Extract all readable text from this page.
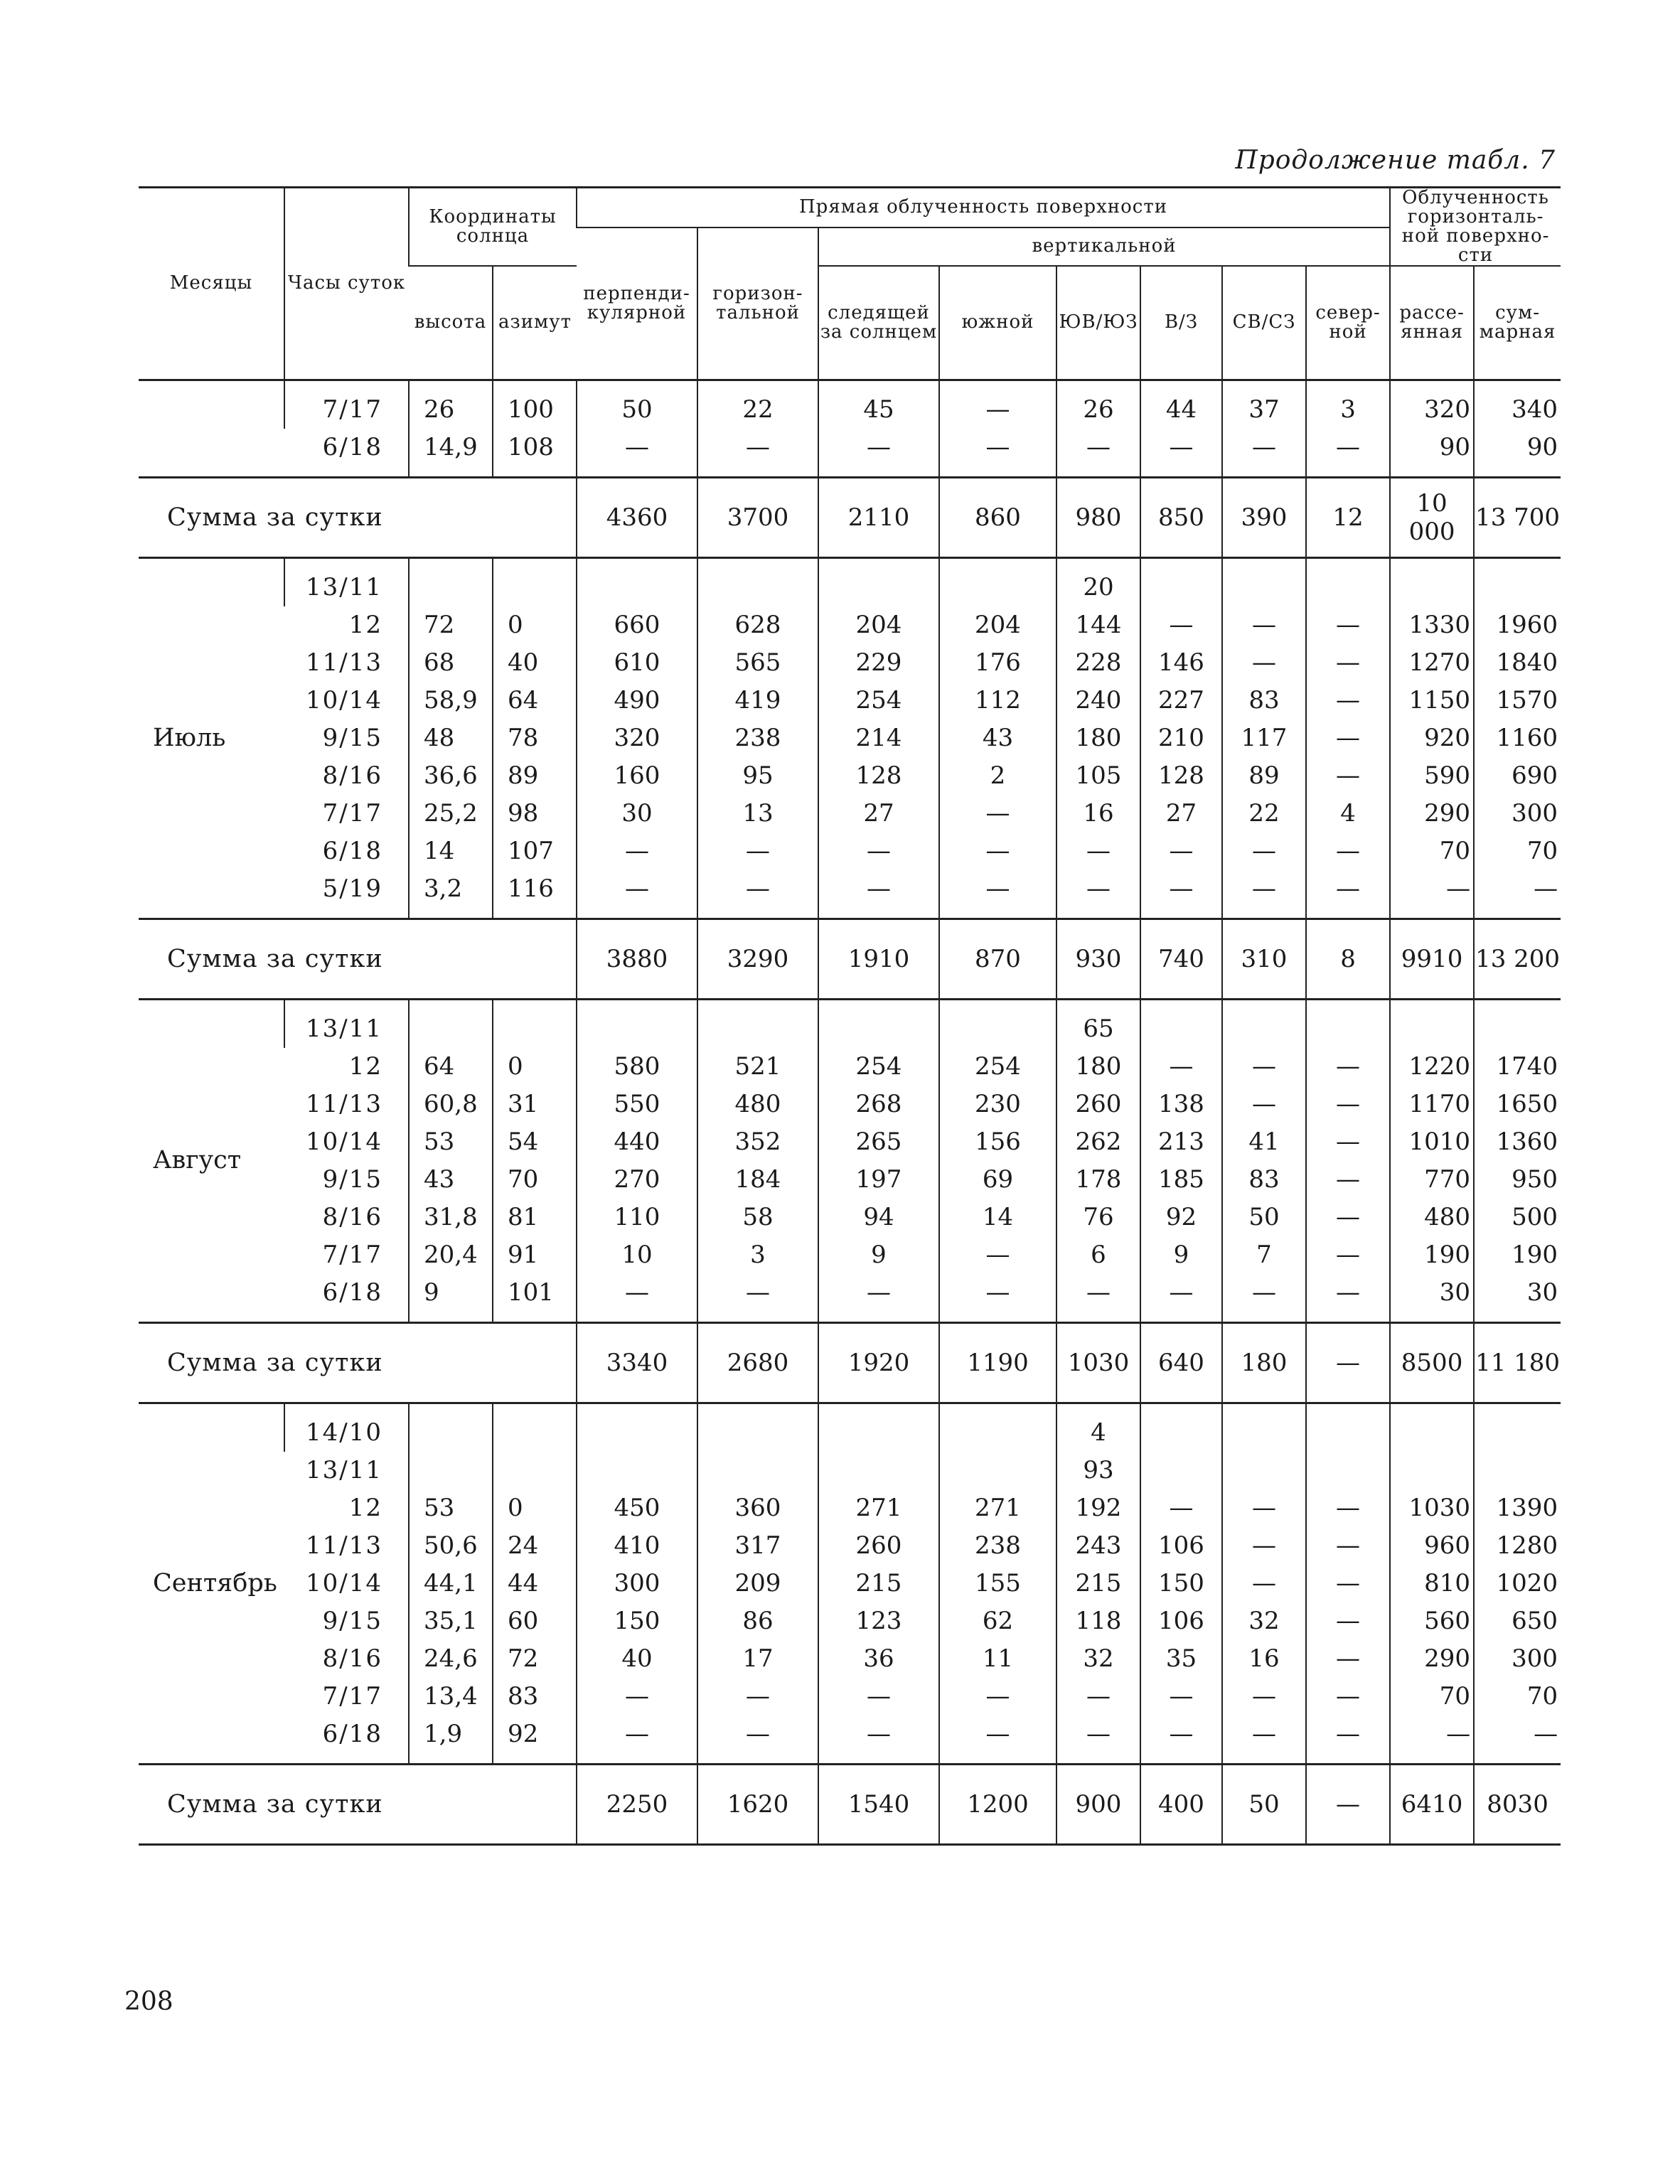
Продолжение табл. 7
Месяцы	Часы суток	Координаты солнца		Прямая облученность поверхности								Облученность горизонталь-ной поверхно-сти	
				перпенди-кулярной	горизон-тальной	вертикальной							
		высота	азимут			следящей за солнцем	южной	ЮВ/ЮЗ	В/З	СВ/СЗ	север-ной	рассе-янная	сум-марная
	7/17	26	100	50	22	45	—	26	44	37	3	320	340
	6/18	14,9	108	—	—	—	—	—	—	—	—	90	90
Сумма за сутки				4360	3700	2110	860	980	850	390	12	10 000	13 700
Июль	13/11							20					
	12	72	0	660	628	204	204	144	—	—	—	1330	1960
	11/13	68	40	610	565	229	176	228	146	—	—	1270	1840
	10/14	58,9	64	490	419	254	112	240	227	83	—	1150	1570
	9/15	48	78	320	238	214	43	180	210	117	—	920	1160
	8/16	36,6	89	160	95	128	2	105	128	89	—	590	690
	7/17	25,2	98	30	13	27	—	16	27	22	4	290	300
	6/18	14	107	—	—	—	—	—	—	—	—	70	70
	5/19	3,2	116	—	—	—	—	—	—	—	—	—	—
Сумма за сутки				3880	3290	1910	870	930	740	310	8	9910	13 200
Август	13/11							65					
	12	64	0	580	521	254	254	180	—	—	—	1220	1740
	11/13	60,8	31	550	480	268	230	260	138	—	—	1170	1650
	10/14	53	54	440	352	265	156	262	213	41	—	1010	1360
	9/15	43	70	270	184	197	69	178	185	83	—	770	950
	8/16	31,8	81	110	58	94	14	76	92	50	—	480	500
	7/17	20,4	91	10	3	9	—	6	9	7	—	190	190
	6/18	9	101	—	—	—	—	—	—	—	—	30	30
Сумма за сутки				3340	2680	1920	1190	1030	640	180	—	8500	11 180
Сентябрь	14/10							4					
	13/11							93					
	12	53	0	450	360	271	271	192	—	—	—	1030	1390
	11/13	50,6	24	410	317	260	238	243	106	—	—	960	1280
	10/14	44,1	44	300	209	215	155	215	150	—	—	810	1020
	9/15	35,1	60	150	86	123	62	118	106	32	—	560	650
	8/16	24,6	72	40	17	36	11	32	35	16	—	290	300
	7/17	13,4	83	—	—	—	—	—	—	—	—	70	70
	6/18	1,9	92	—	—	—	—	—	—	—	—	—	—
Сумма за сутки				2250	1620	1540	1200	900	400	50	—	6410	8030
208
